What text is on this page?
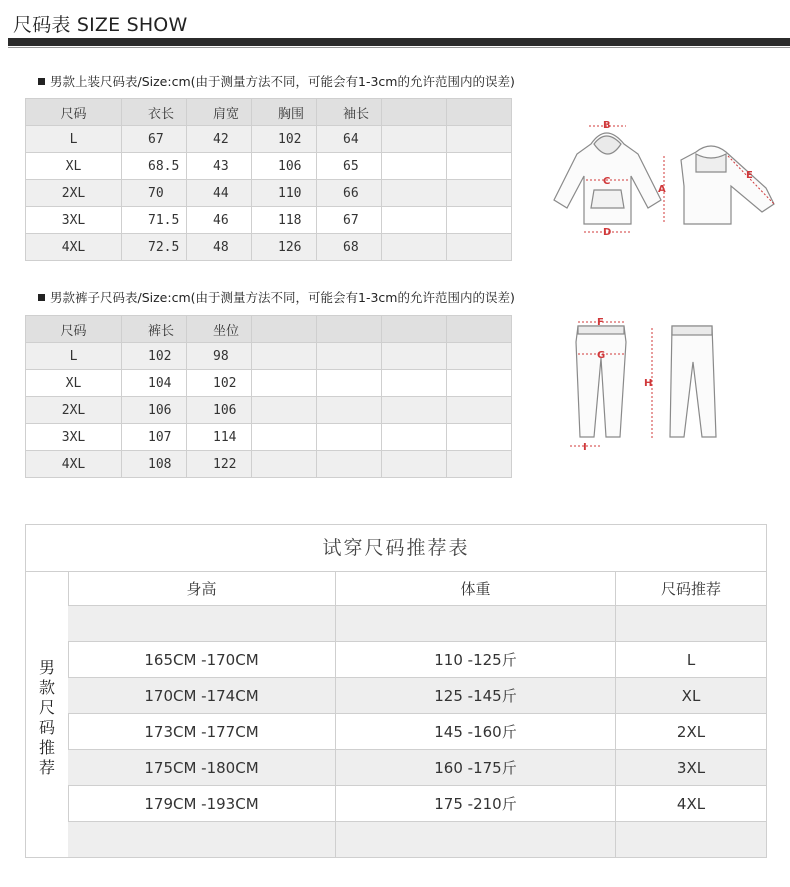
尺码表 SIZE SHOW
男款上装尺码表/Size:cm(由于测量方法不同，可能会有1-3cm的允许范围内的误差)
尺码	衣长	肩宽	胸围	袖长		
L	67	42	102	64		
XL	68.5	43	106	65		
2XL	70	44	110	66		
3XL	71.5	46	118	67		
4XL	72.5	48	126	68		
B
C
A
E
D
男款裤子尺码表/Size:cm(由于测量方法不同，可能会有1-3cm的允许范围内的误差)
尺码	裤长	坐位				
L	102	98				
XL	104	102				
2XL	106	106				
3XL	107	114				
4XL	108	122				
F
G
H
I
试穿尺码推荐表
男
款
尺
码
推
荐
身高	体重	尺码推荐
165CM -170CM	110 -125斤	L
170CM -174CM	125 -145斤	XL
173CM -177CM	145 -160斤	2XL
175CM -180CM	160 -175斤	3XL
179CM -193CM	175 -210斤	4XL
